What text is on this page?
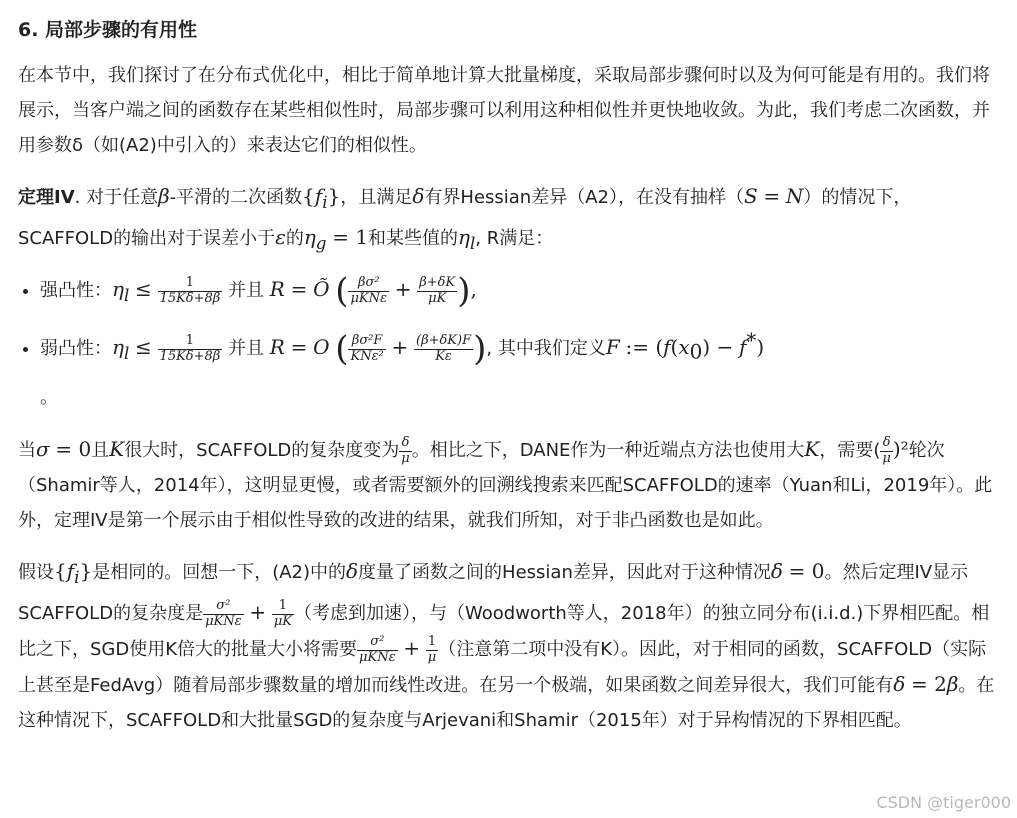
6. 局部步骤的有用性

在本节中，我们探讨了在分布式优化中，相比于简单地计算大批量梯度，采取局部步骤何时以及为何可能是有用的。我们将展示，当客户端之间的函数存在某些相似性时，局部步骤可以利用这种相似性并更快地收敛。为此，我们考虑二次函数，并用参数δ（如(A2)中引入的）来表达它们的相似性。

定理IV. 对于任意β-平滑的二次函数$\{f_i\}$，且满足δ有界Hessian差异（A2），在没有抽样（S = N）的情况下，SCAFFOLD的输出对于误差小于ε的$\eta_g = 1$和某些值的$\eta_l$, R满足：

• 强凸性：$\eta_l \le \frac{1}{15K\delta+8\beta}$ 并且 R = Õ ( $\frac{\text{βσ²}}{\text{μKNε}} + \frac{\beta+\delta K}{\mu K}$ ),
• 弱凸性：$\eta_l \le \frac{1}{15K\delta+8\beta}$ 并且 R = O ( $\frac{\text{βσ²F}}{\text{KNε²}} + \frac{(\beta+\delta K)F}{K\varepsilon}$ ), 其中我们定义F := $(f(x_0) - f^*)$
。

当σ = 0且K很大时，SCAFFOLD的复杂度变为 $\frac{\delta}{\mu}$ 。相比之下，DANE作为一种近端点方法也使用大K，需要( $\frac{\delta}{\mu} )^2$轮次（Shamir等人，2014年），这明显更慢，或者需要额外的回溯线搜索来匹配SCAFFOLD的速率（Yuan和Li，2019年）。此外，定理IV是第一个展示由于相似性导致的改进的结果，就我们所知，对于非凸函数也是如此。

假设$\{f_i\}$是相同的。回想一下，(A2)中的δ度量了函数之间的Hessian差异，因此对于这种情况δ = 0。然后定理IV显示SCAFFOLD的复杂度是 $\frac{\text{σ²}}{\text{μKNε}} + \frac{1}{\mu K}$ （考虑到加速），与（Woodworth等人，2018年）的独立同分布(i.i.d.)下界相匹配。相比之下，SGD使用K倍大的批量大小将需要 $\frac{\text{σ²}}{\text{μKNε}} + \frac{1}{\mu}$ （注意第二项中没有K）。因此，对于相同的函数，SCAFFOLD（实际上甚至是FedAvg）随着局部步骤数量的增加而线性改进。在另一个极端，如果函数之间差异很大，我们可能有δ = 2β。在这种情况下，SCAFFOLD和大批量SGD的复杂度与Arjevani和Shamir（2015年）对于异构情况的下界相匹配。

CSDN @tiger000
